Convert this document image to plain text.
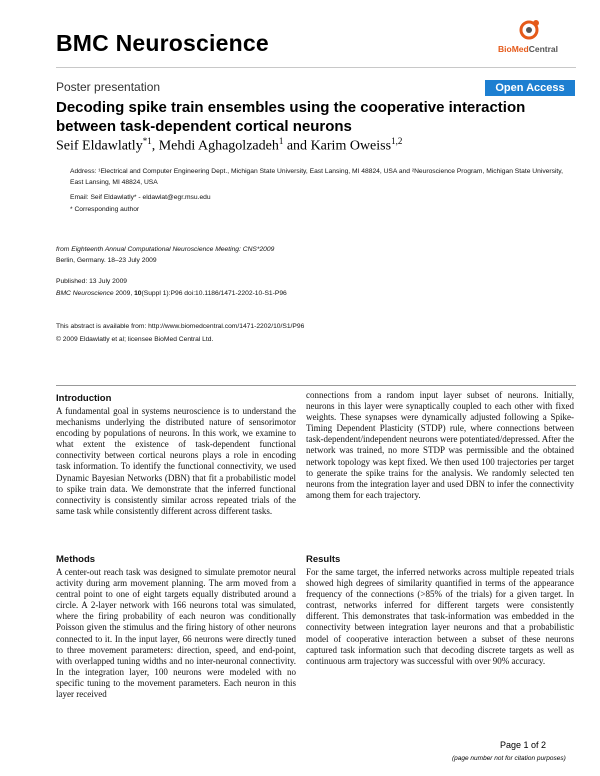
BMC Neuroscience	BioMedCentral
Poster presentation	Open Access
Decoding spike train ensembles using the cooperative interaction between task-dependent cortical neurons
Seif Eldawlatly$^{*1}$, Mehdi Aghagolzadeh$^1$ and Karim Oweiss$^{1,2}$
Address: ¹Electrical and Computer Engineering Dept., Michigan State University, East Lansing, MI 48824, USA and ²Neuroscience Program, Michigan State University, East Lansing, MI 48824, USA
Email: Seif Eldawlatly* - eldawlat@egr.msu.edu
* Corresponding author
from Eighteenth Annual Computational Neuroscience Meeting: CNS*2009
Berlin, Germany. 18–23 July 2009
Published: 13 July 2009
BMC Neuroscience 2009, 10(Suppl 1):P96 doi:10.1186/1471-2202-10-S1-P96
This abstract is available from: http://www.biomedcentral.com/1471-2202/10/S1/P96
© 2009 Eldawlatly et al; licensee BioMed Central Ltd.
Introduction

A fundamental goal in systems neuroscience is to understand the mechanisms underlying the distributed nature of sensorimotor encoding by populations of neurons. In this work, we examine to what extent the existence of task-dependent functional connectivity between cortical neurons plays a role in encoding task information. To identify the functional connectivity, we used Dynamic Bayesian Networks (DBN) that fit a probabilistic model to spike train data. We demonstrate that the inferred functional connectivity is consistently similar across repeated trials of the same task while consistently different across different tasks.

Methods

A center-out reach task was designed to simulate premotor neural activity during arm movement planning. The arm moved from a central point to one of eight targets equally distributed around a circle. A 2-layer network with 166 neurons total was simulated, where the firing probability of each neuron was conditionally Poisson given the stimulus and the firing history of other neurons connected to it. In the input layer, 66 neurons were directly tuned to three movement parameters: direction, speed, and end-point, with overlapped tuning widths and no inter-neuronal connectivity. In the integration layer, 100 neurons were modeled with no specific tuning to the movement parameters. Each neuron in this layer received

connections from a random input layer subset of neurons. Initially, neurons in this layer were synaptically coupled to each other with fixed weights. These synapses were dynamically adjusted following a Spike-Timing Dependent Plasticity (STDP) rule, where connections between task-dependent/independent neurons were potentiated/depressed. After the network was trained, no more STDP was permissible and the obtained network topology was kept fixed. We then used 100 trajectories per target to generate the spike trains for the analysis. We randomly selected ten neurons from the integration layer and used DBN to infer the connectivity among them for each trajectory.

Results

For the same target, the inferred networks across multiple repeated trials showed high degrees of similarity quantified in terms of the appearance frequency of the connections (>85% of the trials) for a given target. In contrast, networks inferred for different targets were consistently different. This demonstrates that task-information was embedded in the connectivity between integration layer neurons and that a probabilistic model of cooperative interaction between a subset of these neurons captured task information such that decoding discrete targets as well as continuous arm trajectory was successful with over 90% accuracy.

Page 1 of 2
(page number not for citation purposes)
